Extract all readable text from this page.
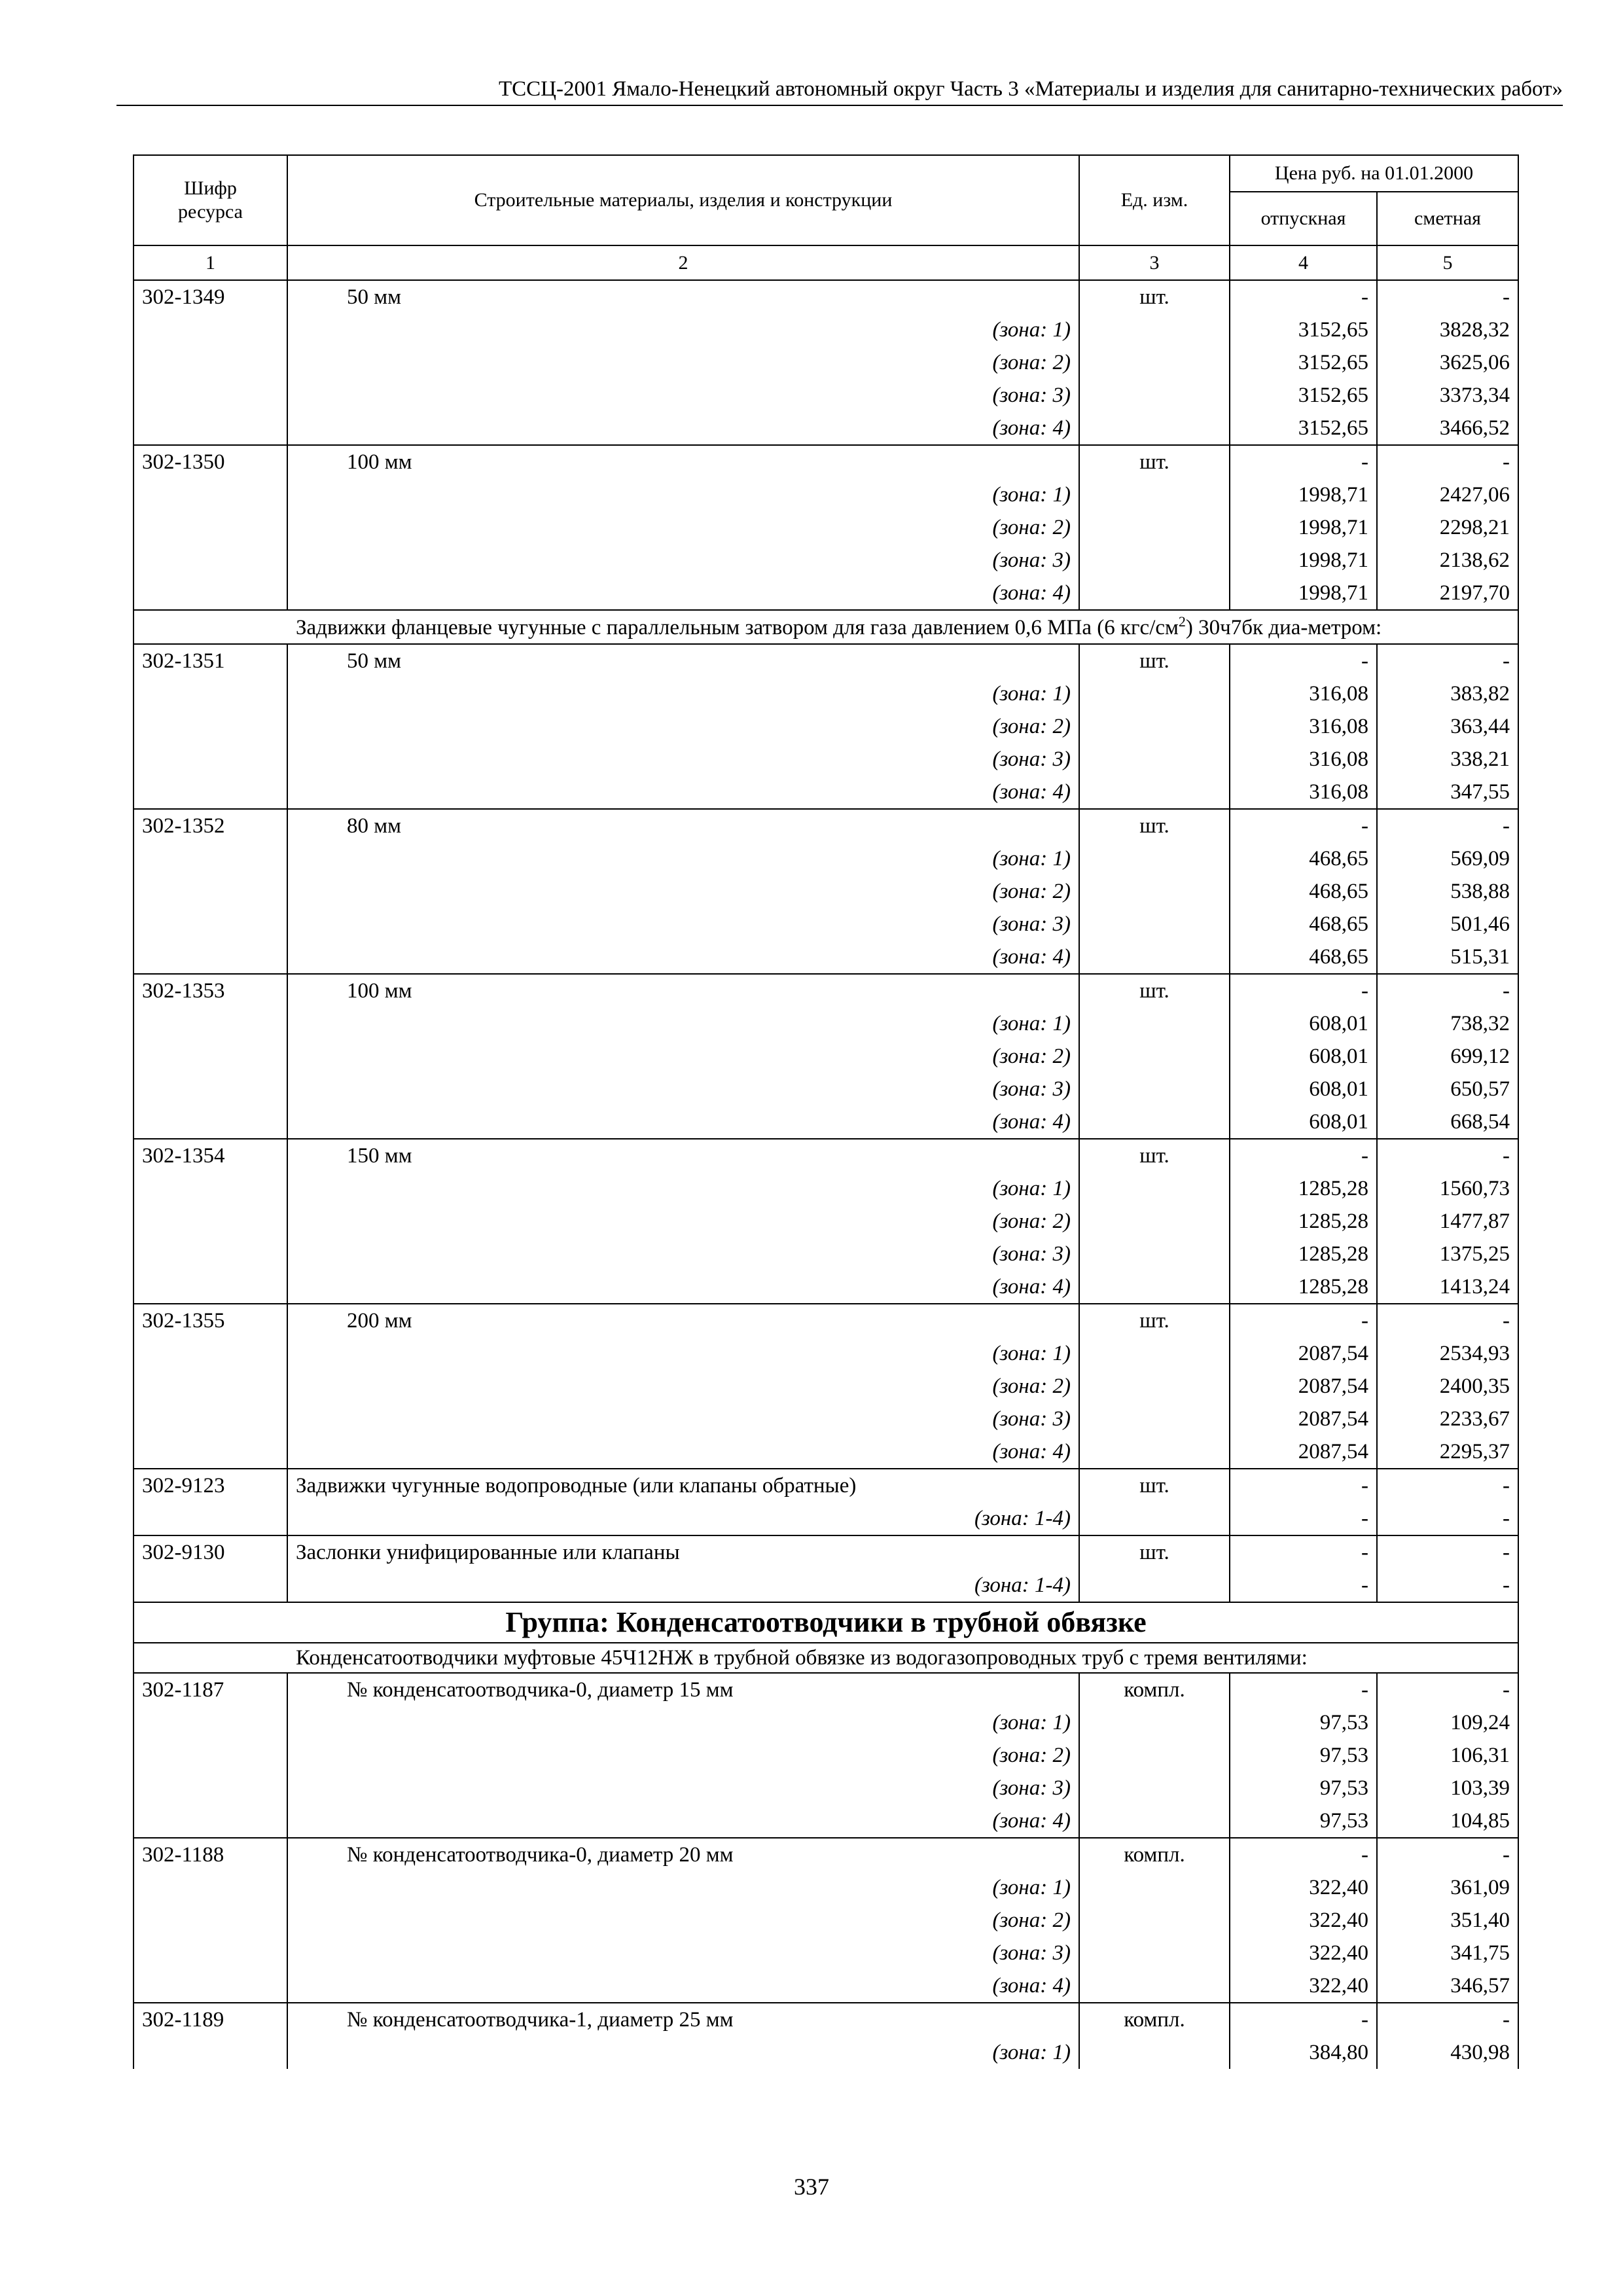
ТССЦ-2001 Ямало-Ненецкий автономный округ Часть 3 «Материалы и изделия для санитарно-технических работ»
Шифр ресурса	Строительные материалы, изделия и конструкции	Ед. изм.	Цена руб. на 01.01.2000	
			отпускная	сметная
1	2	3	4	5
302-1349	50 мм	шт.	-	-
	(зона: 1)		3152,65	3828,32
	(зона: 2)		3152,65	3625,06
	(зона: 3)		3152,65	3373,34
	(зона: 4)		3152,65	3466,52
302-1350	100 мм	шт.	-	-
	(зона: 1)		1998,71	2427,06
	(зона: 2)		1998,71	2298,21
	(зона: 3)		1998,71	2138,62
	(зона: 4)		1998,71	2197,70
Задвижки фланцевые чугунные с параллельным затвором для газа давлением 0,6 МПа (6 кгс/$см^2$) 30ч7бк диа-метром:				
302-1351	50 мм	шт.	-	-
	(зона: 1)		316,08	383,82
	(зона: 2)		316,08	363,44
	(зона: 3)		316,08	338,21
	(зона: 4)		316,08	347,55
302-1352	80 мм	шт.	-	-
	(зона: 1)		468,65	569,09
	(зона: 2)		468,65	538,88
	(зона: 3)		468,65	501,46
	(зона: 4)		468,65	515,31
302-1353	100 мм	шт.	-	-
	(зона: 1)		608,01	738,32
	(зона: 2)		608,01	699,12
	(зона: 3)		608,01	650,57
	(зона: 4)		608,01	668,54
302-1354	150 мм	шт.	-	-
	(зона: 1)		1285,28	1560,73
	(зона: 2)		1285,28	1477,87
	(зона: 3)		1285,28	1375,25
	(зона: 4)		1285,28	1413,24
302-1355	200 мм	шт.	-	-
	(зона: 1)		2087,54	2534,93
	(зона: 2)		2087,54	2400,35
	(зона: 3)		2087,54	2233,67
	(зона: 4)		2087,54	2295,37
302-9123	Задвижки чугунные водопроводные (или клапаны обратные)	шт.	-	-
	(зона: 1-4)		-	-
302-9130	Заслонки унифицированные или клапаны	шт.	-	-
	(зона: 1-4)		-	-
Группа: Конденсатоотводчики в трубной обвязке				
Конденсатоотводчики муфтовые 45Ч12НЖ в трубной обвязке из водогазопроводных труб с тремя вентилями:				
302-1187	№ конденсатоотводчика-0, диаметр 15 мм	компл.	-	-
	(зона: 1)		97,53	109,24
	(зона: 2)		97,53	106,31
	(зона: 3)		97,53	103,39
	(зона: 4)		97,53	104,85
302-1188	№ конденсатоотводчика-0, диаметр 20 мм	компл.	-	-
	(зона: 1)		322,40	361,09
	(зона: 2)		322,40	351,40
	(зона: 3)		322,40	341,75
	(зона: 4)		322,40	346,57
302-1189	№ конденсатоотводчика-1, диаметр 25 мм	компл.	-	-
	(зона: 1)		384,80	430,98
337
